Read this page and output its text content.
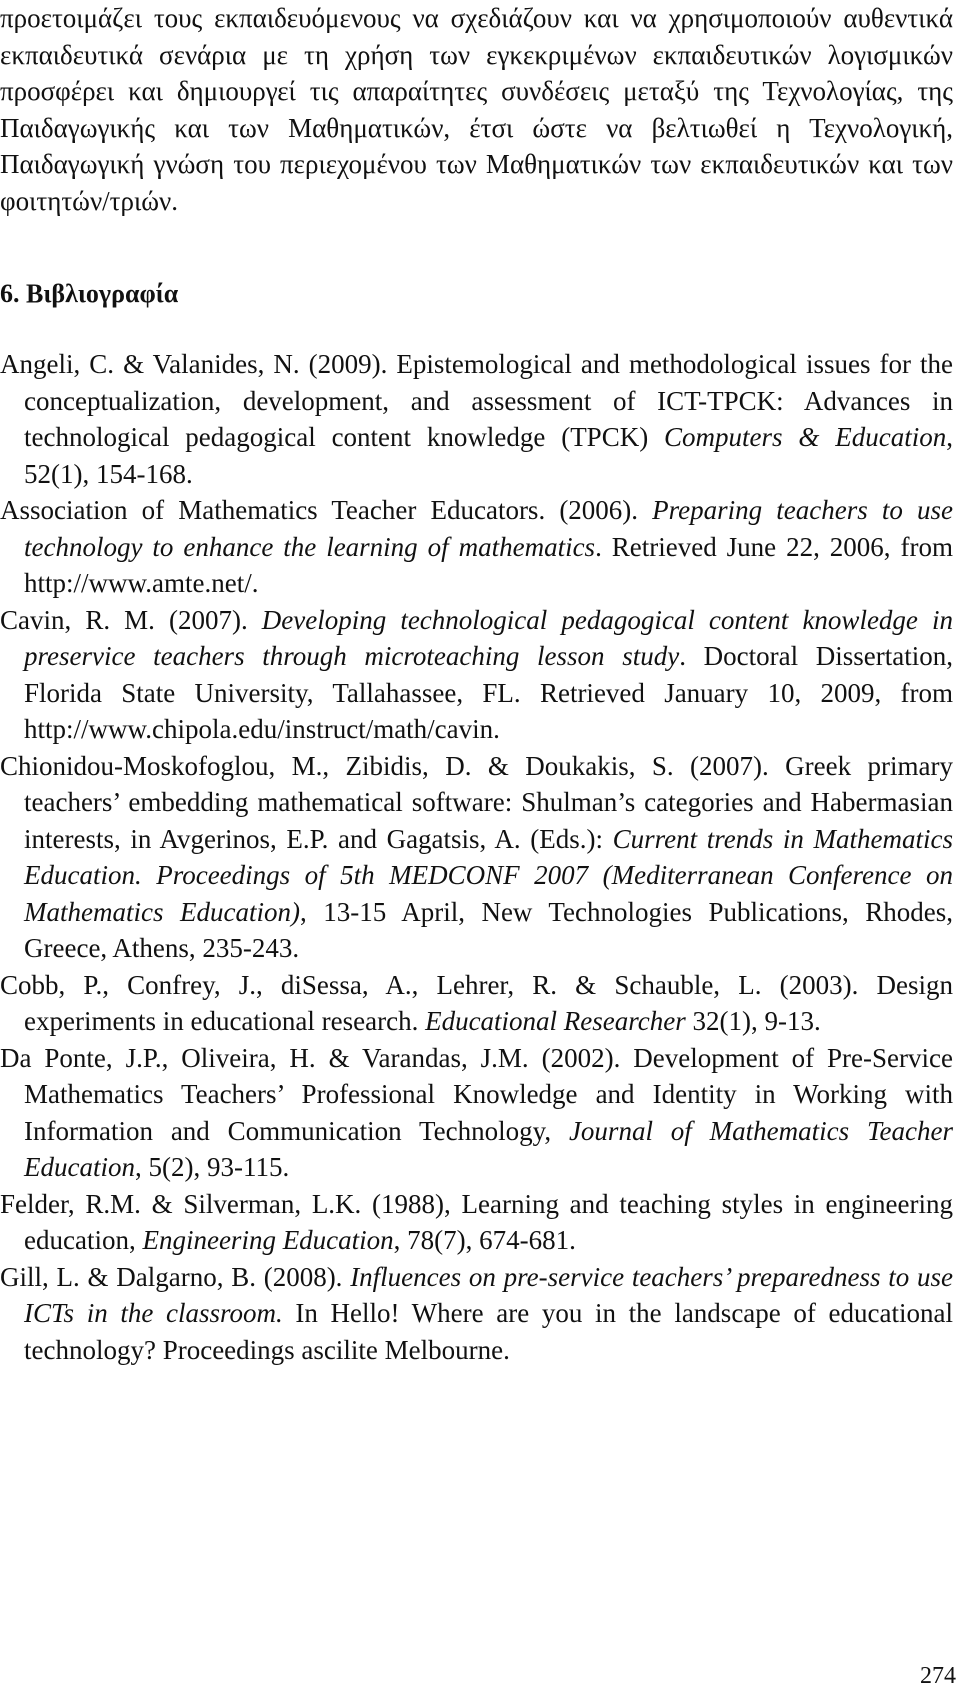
προετοιμάζει τους εκπαιδευόμενους να σχεδιάζουν και να χρησιμοποιούν αυθεντικά εκπαιδευτικά σενάρια με τη χρήση των εγκεκριμένων εκπαιδευτικών λογισμικών προσφέρει και δημιουργεί τις απαραίτητες συνδέσεις μεταξύ της Τεχνολογίας, της Παιδαγωγικής και των Μαθηματικών, έτσι ώστε να βελτιωθεί η Τεχνολογική, Παιδαγωγική γνώση του περιεχομένου των Μαθηματικών των εκπαιδευτικών και των φοιτητών/τριών.

6. Βιβλιογραφία

Angeli, C. & Valanides, N. (2009). Epistemological and methodological issues for the conceptualization, development, and assessment of ICT-TPCK: Advances in technological pedagogical content knowledge (TPCK) Computers & Education, 52(1), 154-168.

Association of Mathematics Teacher Educators. (2006). Preparing teachers to use technology to enhance the learning of mathematics. Retrieved June 22, 2006, from http://www.amte.net/.

Cavin, R. M. (2007). Developing technological pedagogical content knowledge in preservice teachers through microteaching lesson study. Doctoral Dissertation, Florida State University, Tallahassee, FL. Retrieved January 10, 2009, from http://www.chipola.edu/instruct/math/cavin.

Chionidou-Moskofoglou, M., Zibidis, D. & Doukakis, S. (2007). Greek primary teachers’ embedding mathematical software: Shulman’s categories and Habermasian interests, in Avgerinos, E.P. and Gagatsis, A. (Eds.): Current trends in Mathematics Education. Proceedings of 5th MEDCONF 2007 (Mediterranean Conference on Mathematics Education), 13-15 April, New Technologies Publications, Rhodes, Greece, Athens, 235-243.

Cobb, P., Confrey, J., diSessa, A., Lehrer, R. & Schauble, L. (2003). Design experiments in educational research. Educational Researcher 32(1), 9-13.

Da Ponte, J.P., Oliveira, H. & Varandas, J.M. (2002). Development of Pre-Service Mathematics Teachers’ Professional Knowledge and Identity in Working with Information and Communication Technology, Journal of Mathematics Teacher Education, 5(2), 93-115.

Felder, R.M. & Silverman, L.K. (1988), Learning and teaching styles in engineering education, Engineering Education, 78(7), 674-681.

Gill, L. & Dalgarno, B. (2008). Influences on pre-service teachers’ preparedness to use ICTs in the classroom. In Hello! Where are you in the landscape of educational technology? Proceedings ascilite Melbourne.

274
